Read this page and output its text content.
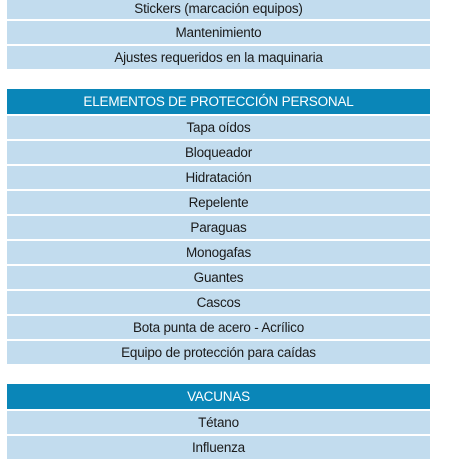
Stickers (marcación equipos)
Mantenimiento
Ajustes requeridos en la maquinaria
ELEMENTOS DE PROTECCIÓN PERSONAL
Tapa oídos
Bloqueador
Hidratación
Repelente
Paraguas
Monogafas
Guantes
Cascos
Bota punta de acero - Acrílico
Equipo de protección para caídas
VACUNAS
Tétano
Influenza
